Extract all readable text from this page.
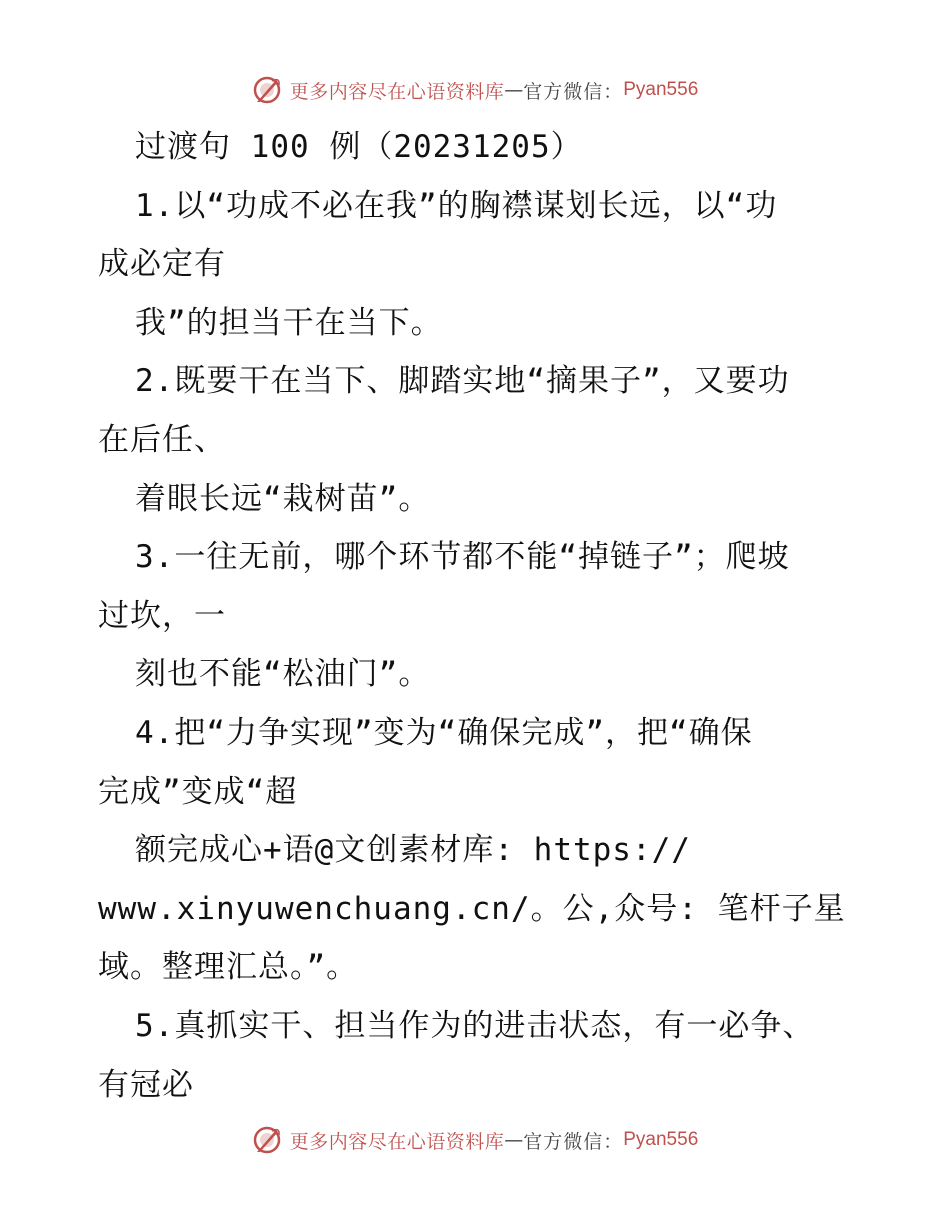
更多内容尽在心语资料库 — 官方微信： Pyan556
过渡句 100 例（20231205）
1.以“功成不必在我”的胸襟谋划长远，以“功
成必定有
我”的担当干在当下。
2.既要干在当下、脚踏实地“摘果子”，又要功
在后任、
着眼长远“栽树苗”。
3.一往无前，哪个环节都不能“掉链子”；爬坡
过坎，一
刻也不能“松油门”。
4.把“力争实现”变为“确保完成”，把“确保
完成”变成“超
额完成心+语@文创素材库: https://
www.xinyuwenchuang.cn/。公,众号: 笔杆子星
域。整理汇总。”。
5.真抓实干、担当作为的进击状态，有一必争、
有冠必
更多内容尽在心语资料库 — 官方微信： Pyan556
